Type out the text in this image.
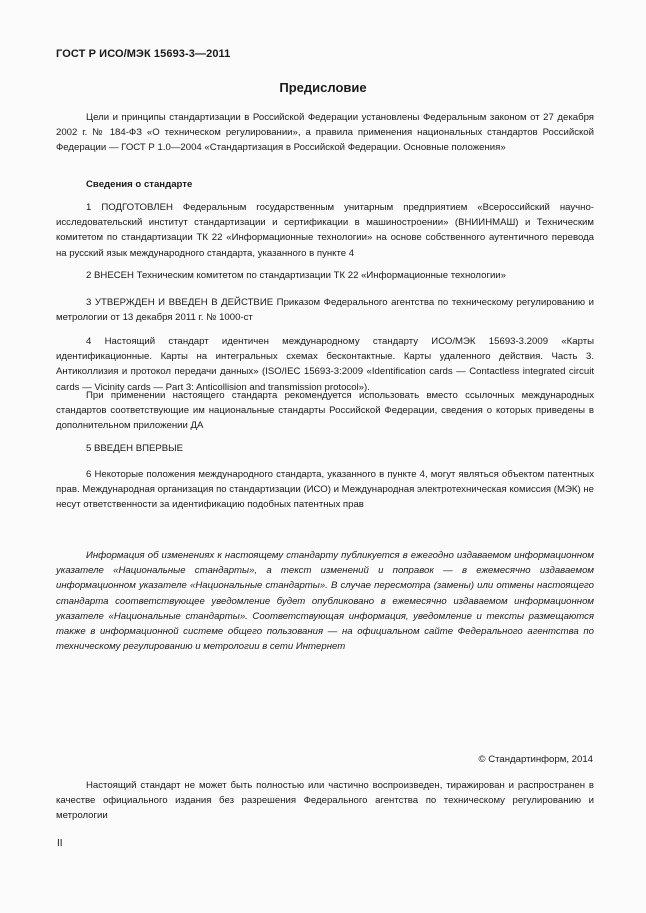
ГОСТ Р ИСО/МЭК 15693-3—2011
Предисловие

Цели и принципы стандартизации в Российской Федерации установлены Федеральным законом от 27 декабря 2002 г. № 184-ФЗ «О техническом регулировании», а правила применения национальных стандартов Российской Федерации — ГОСТ Р 1.0—2004 «Стандартизация в Российской Федерации. Основные положения»

Сведения о стандарте

1 ПОДГОТОВЛЕН Федеральным государственным унитарным предприятием «Всероссийский научно-исследовательский институт стандартизации и сертификации в машиностроении» (ВНИИНМАШ) и Техническим комитетом по стандартизации ТК 22 «Информационные технологии» на основе собственного аутентичного перевода на русский язык международного стандарта, указанного в пункте 4

2 ВНЕСЕН Техническим комитетом по стандартизации ТК 22 «Информационные технологии»

3 УТВЕРЖДЕН И ВВЕДЕН В ДЕЙСТВИЕ Приказом Федерального агентства по техническому регулированию и метрологии от 13 декабря 2011 г. № 1000-ст

4 Настоящий стандарт идентичен международному стандарту ИСО/МЭК 15693-3.2009 «Карты идентификационные. Карты на интегральных схемах бесконтактные. Карты удаленного действия. Часть 3. Антиколлизия и протокол передачи данных» (ISO/IEC 15693-3:2009 «Identification cards — Contactless integrated circuit cards — Vicinity cards — Part 3: Anticollision and transmission protocol»).

При применении настоящего стандарта рекомендуется использовать вместо ссылочных международных стандартов соответствующие им национальные стандарты Российской Федерации, сведения о которых приведены в дополнительном приложении ДА

5 ВВЕДЕН ВПЕРВЫЕ

6 Некоторые положения международного стандарта, указанного в пункте 4, могут являться объектом патентных прав. Международная организация по стандартизации (ИСО) и Международная электротехническая комиссия (МЭК) не несут ответственности за идентификацию подобных патентных прав

Информация об изменениях к настоящему стандарту публикуется в ежегодно издаваемом информационном указателе «Национальные стандарты», а текст изменений и поправок — в ежемесячно издаваемом информационном указателе «Национальные стандарты». В случае пересмотра (замены) или отмены настоящего стандарта соответствующее уведомление будет опубликовано в ежемесячно издаваемом информационном указателе «Национальные стандарты». Соответствующая информация, уведомление и тексты размещаются также в информационной системе общего пользования — на официальном сайте Федерального агентства по техническому регулированию и метрологии в сети Интернет

© Стандартинформ, 2014

Настоящий стандарт не может быть полностью или частично воспроизведен, тиражирован и распространен в качестве официального издания без разрешения Федерального агентства по техническому регулированию и метрологии

II
